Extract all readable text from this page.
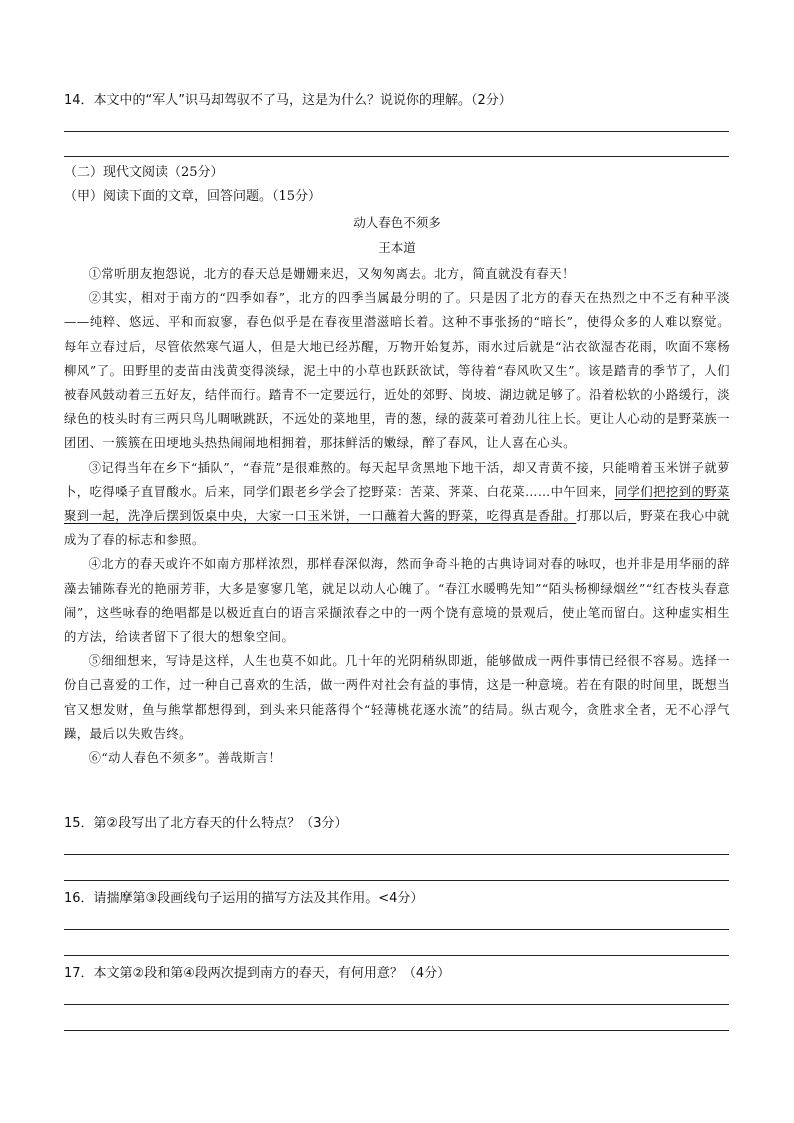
14．本文中的“军人”识马却驾驭不了马，这是为什么？说说你的理解。（2分）
（二）现代文阅读（25分）
（甲）阅读下面的文章，回答问题。（15分）
动人春色不须多
王本道

①常听朋友抱怨说，北方的春天总是姗姗来迟，又匆匆离去。北方，简直就没有春天！

②其实，相对于南方的“四季如春”，北方的四季当属最分明的了。只是因了北方的春天在热烈之中不乏有种平淡——纯粹、悠远、平和而寂寥，春色似乎是在春夜里潜滋暗长着。这种不事张扬的“暗长”，使得众多的人难以察觉。每年立春过后，尽管依然寒气逼人，但是大地已经苏醒，万物开始复苏，雨水过后就是“沾衣欲湿杏花雨，吹面不寒杨柳风”了。田野里的麦苗由浅黄变得淡绿，泥土中的小草也跃跃欲试，等待着“春风吹又生”。该是踏青的季节了，人们被春风鼓动着三五好友，结伴而行。踏青不一定要远行，近处的郊野、岗坡、湖边就足够了。沿着松软的小路缓行，淡绿色的枝头时有三两只鸟儿啁啾跳跃，不远处的菜地里，青的葱，绿的菠菜可着劲儿往上长。更让人心动的是野菜族一团团、一簇簇在田埂地头热热闹闹地相拥着，那抹鲜活的嫩绿，醉了春风，让人喜在心头。

③记得当年在乡下“插队”，“春荒”是很难熬的。每天起早贪黑地下地干活，却又青黄不接，只能啃着玉米饼子就萝卜，吃得嗓子直冒酸水。后来，同学们跟老乡学会了挖野菜：苦菜、荠菜、白花菜……中午回来，同学们把挖到的野菜聚到一起，洗净后摆到饭桌中央，大家一口玉米饼，一口蘸着大酱的野菜，吃得真是香甜。打那以后，野菜在我心中就成为了春的标志和参照。

④北方的春天或许不如南方那样浓烈，那样春深似海，然而争奇斗艳的古典诗词对春的咏叹，也并非是用华丽的辞藻去铺陈春光的艳丽芳菲，大多是寥寥几笔，就足以动人心魄了。“春江水暖鸭先知”“陌头杨柳绿烟丝”“红杏枝头春意闹”，这些咏春的绝唱都是以极近直白的语言采撷浓春之中的一两个饶有意境的景观后，使止笔而留白。这种虚实相生的方法，给读者留下了很大的想象空间。

⑤细细想来，写诗是这样，人生也莫不如此。几十年的光阴稍纵即逝，能够做成一两件事情已经很不容易。选择一份自己喜爱的工作，过一种自己喜欢的生活，做一两件对社会有益的事情，这是一种意境。若在有限的时间里，既想当官又想发财，鱼与熊掌都想得到，到头来只能落得个“轻薄桃花逐水流”的结局。纵古观今，贪胜求全者，无不心浮气躁，最后以失败告终。

⑥“动人春色不须多”。善哉斯言！

15．第②段写出了北方春天的什么特点？（3分）
16．请揣摩第③段画线句子运用的描写方法及其作用。<4分）
17．本文第②段和第④段两次提到南方的春天，有何用意？（4分）
